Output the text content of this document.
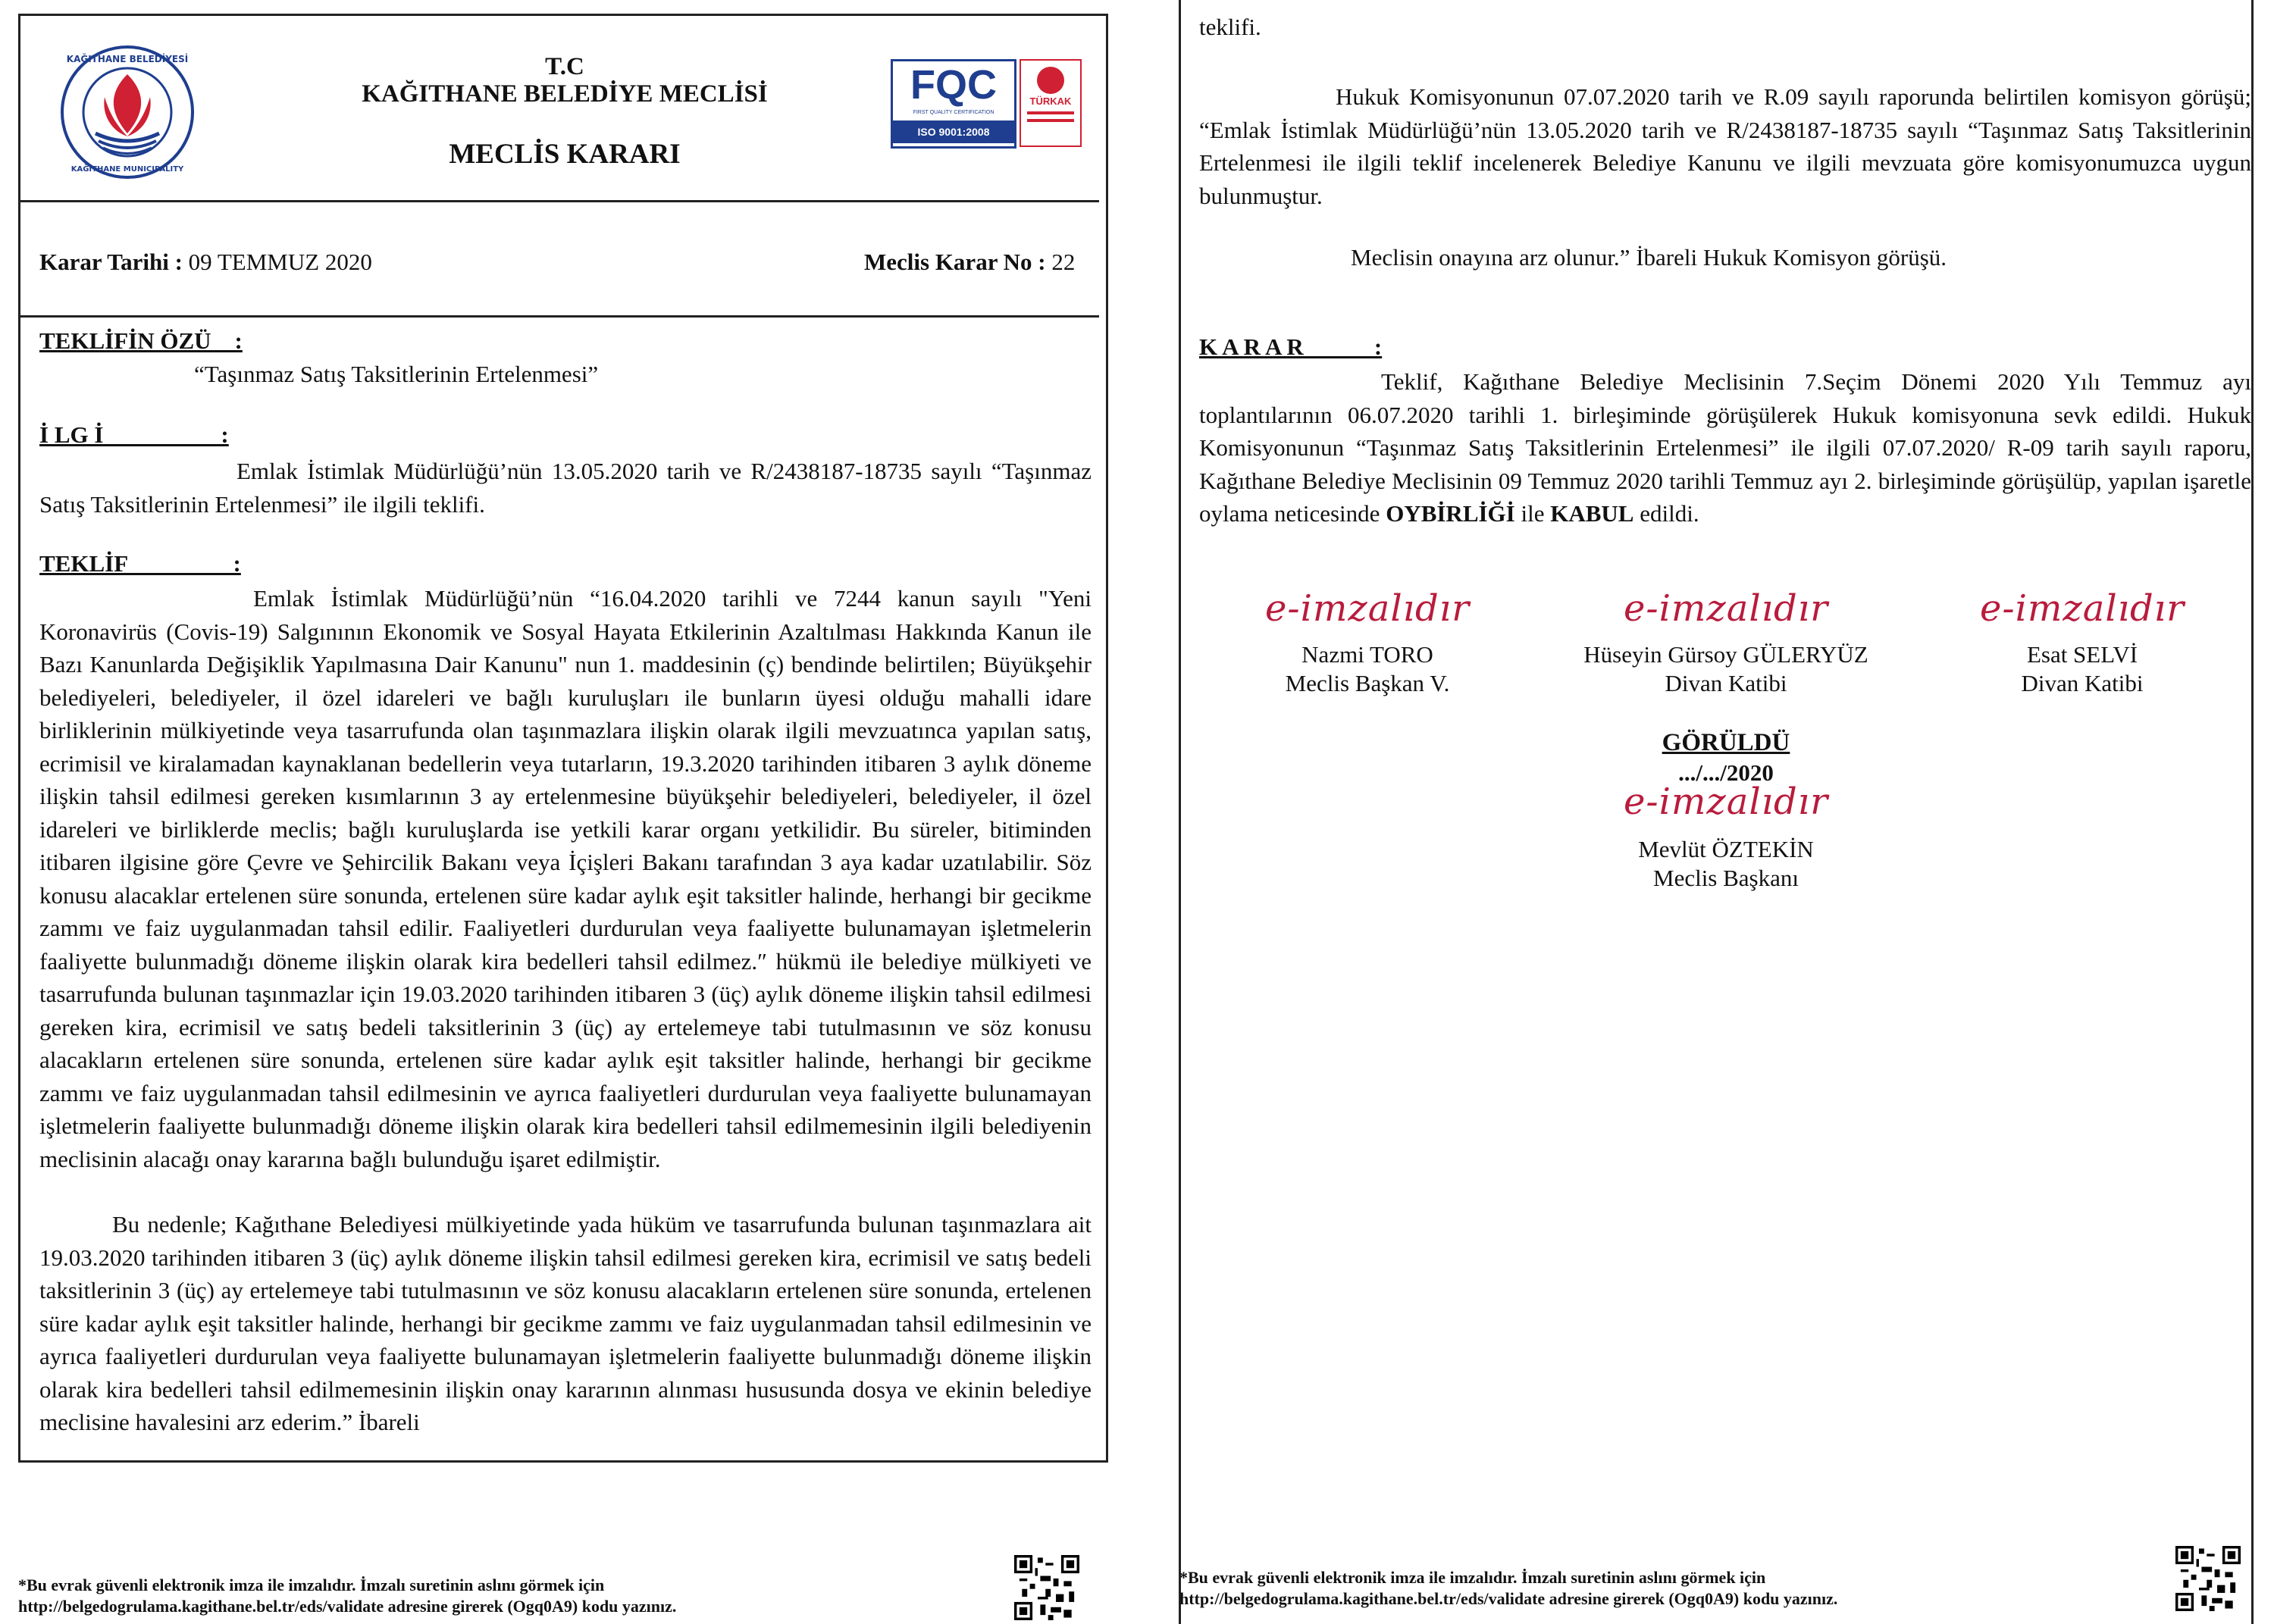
KAĞITHANE BELEDİYESİ
KAĞITHANE MUNICIPALITY
T.C
KAĞITHANE BELEDİYE MECLİSİ
MECLİS KARARI
FQC
FIRST QUALITY CERTIFICATION
ISO 9001:2008
TÜRKAK
Karar Tarihi : 09 TEMMUZ 2020	Meclis Karar No : 22
TEKLİFİN ÖZÜ    :
“Taşınmaz Satış Taksitlerinin Ertelenmesi”
İ LG İ                    :
Emlak İstimlak Müdürlüğü’nün 13.05.2020 tarih ve R/2438187-18735 sayılı “Taşınmaz Satış Taksitlerinin Ertelenmesi” ile ilgili teklifi.
TEKLİF                  :
Emlak İstimlak Müdürlüğü’nün “16.04.2020 tarihli ve 7244 kanun sayılı "Yeni Koronavirüs (Covis-19) Salgınının Ekonomik ve Sosyal Hayata Etkilerinin Azaltılması Hakkında Kanun ile Bazı Kanunlarda Değişiklik Yapılmasına Dair Kanunu" nun 1. maddesinin (ç) bendinde belirtilen; Büyükşehir belediyeleri, belediyeler, il özel idareleri ve bağlı kuruluşları ile bunların üyesi olduğu mahalli idare birliklerinin mülkiyetinde veya tasarrufunda olan taşınmazlara ilişkin olarak ilgili mevzuatınca yapılan satış, ecrimisil ve kiralamadan kaynaklanan bedellerin veya tutarların, 19.3.2020 tarihinden itibaren 3 aylık döneme ilişkin tahsil edilmesi gereken kısımlarının 3 ay ertelenmesine büyükşehir belediyeleri, belediyeler, il özel idareleri ve birliklerde meclis; bağlı kuruluşlarda ise yetkili karar organı yetkilidir. Bu süreler, bitiminden itibaren ilgisine göre Çevre ve Şehircilik Bakanı veya İçişleri Bakanı tarafından 3 aya kadar uzatılabilir. Söz konusu alacaklar ertelenen süre sonunda, ertelenen süre kadar aylık eşit taksitler halinde, herhangi bir gecikme zammı ve faiz uygulanmadan tahsil edilir. Faaliyetleri durdurulan veya faaliyette bulunamayan işletmelerin faaliyette bulunmadığı döneme ilişkin olarak kira bedelleri tahsil edilmez.″ hükmü ile belediye mülkiyeti ve tasarrufunda bulunan taşınmazlar için 19.03.2020 tarihinden itibaren 3 (üç) aylık döneme ilişkin tahsil edilmesi gereken kira, ecrimisil ve satış bedeli taksitlerinin 3 (üç) ay ertelemeye tabi tutulmasının ve söz konusu alacakların ertelenen süre sonunda, ertelenen süre kadar aylık eşit taksitler halinde, herhangi bir gecikme zammı ve faiz uygulanmadan tahsil edilmesinin ve ayrıca faaliyetleri durdurulan veya faaliyette bulunamayan işletmelerin faaliyette bulunmadığı döneme ilişkin olarak kira bedelleri tahsil edilmemesinin ilgili belediyenin meclisinin alacağı onay kararına bağlı bulunduğu işaret edilmiştir.
Bu nedenle; Kağıthane Belediyesi mülkiyetinde yada hüküm ve tasarrufunda bulunan taşınmazlara ait 19.03.2020 tarihinden itibaren 3 (üç) aylık döneme ilişkin tahsil edilmesi gereken kira, ecrimisil ve satış bedeli taksitlerinin 3 (üç) ay ertelemeye tabi tutulmasının ve söz konusu alacakların ertelenen süre sonunda, ertelenen süre kadar aylık eşit taksitler halinde, herhangi bir gecikme zammı ve faiz uygulanmadan tahsil edilmesinin ve ayrıca faaliyetleri durdurulan veya faaliyette bulunamayan işletmelerin faaliyette bulunmadığı döneme ilişkin olarak kira bedelleri tahsil edilmemesinin ilişkin onay kararının alınması hususunda dosya ve ekinin belediye meclisine havalesini arz ederim.” İbareli
*Bu evrak güvenli elektronik imza ile imzalıdır. İmzalı suretinin aslını görmek için
http://belgedogrulama.kagithane.bel.tr/eds/validate adresine girerek (Ogq0A9) kodu yazınız.
teklifi.
Hukuk Komisyonunun 07.07.2020 tarih ve R.09 sayılı raporunda belirtilen komisyon görüşü; “Emlak İstimlak Müdürlüğü’nün 13.05.2020 tarih ve R/2438187-18735 sayılı “Taşınmaz Satış Taksitlerinin Ertelenmesi ile ilgili teklif incelenerek Belediye Kanunu ve ilgili mevzuata göre komisyonumuzca uygun bulunmuştur.
Meclisin onayına arz olunur.” İbareli Hukuk Komisyon görüşü.
K A R A R            :
Teklif, Kağıthane Belediye Meclisinin 7.Seçim Dönemi 2020 Yılı Temmuz ayı toplantılarının 06.07.2020 tarihli 1. birleşiminde görüşülerek Hukuk komisyonuna sevk edildi. Hukuk Komisyonunun “Taşınmaz Satış Taksitlerinin Ertelenmesi” ile ilgili 07.07.2020/ R-09 tarih sayılı raporu, Kağıthane Belediye Meclisinin 09 Temmuz 2020 tarihli Temmuz ayı 2. birleşiminde görüşülüp, yapılan işaretle oylama neticesinde OYBİRLİĞİ ile KABUL edildi.
e-imzalıdır
Nazmi TORO
Meclis Başkan V.
e-imzalıdır
Hüseyin Gürsoy GÜLERYÜZ
Divan Katibi
e-imzalıdır
Esat SELVİ
Divan Katibi
GÖRÜLDÜ
.../.../2020
e-imzalıdır
Mevlüt ÖZTEKİN
Meclis Başkanı
*Bu evrak güvenli elektronik imza ile imzalıdır. İmzalı suretinin aslını görmek için
http://belgedogrulama.kagithane.bel.tr/eds/validate adresine girerek (Ogq0A9) kodu yazınız.
